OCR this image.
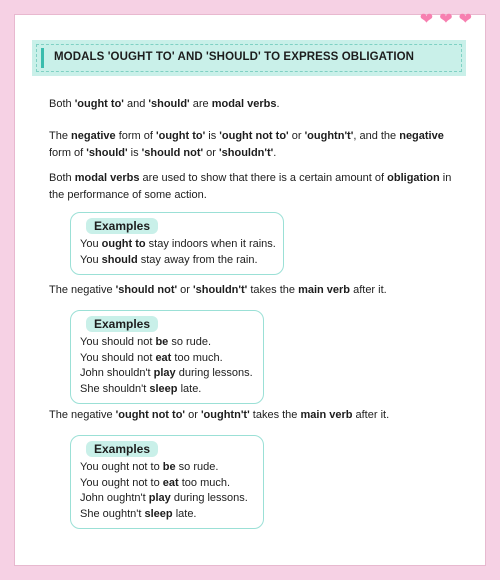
❤ ❤ ❤
MODALS 'OUGHT TO' AND 'SHOULD' TO EXPRESS OBLIGATION
Both 'ought to' and 'should' are modal verbs.
The negative form of 'ought to' is 'ought not to' or 'oughtn't', and the negative form of 'should' is 'should not' or 'shouldn't'.
Both modal verbs are used to show that there is a certain amount of obligation in the performance of some action.
Examples
You ought to stay indoors when it rains.
You should stay away from the rain.
The negative 'should not' or 'shouldn't' takes the main verb after it.
Examples
You should not be so rude.
You should not eat too much.
John shouldn't play during lessons.
She shouldn't sleep late.
The negative 'ought not to' or 'oughtn't' takes the main verb after it.
Examples
You ought not to be so rude.
You ought not to eat too much.
John oughtn't play during lessons.
She oughtn't sleep late.
